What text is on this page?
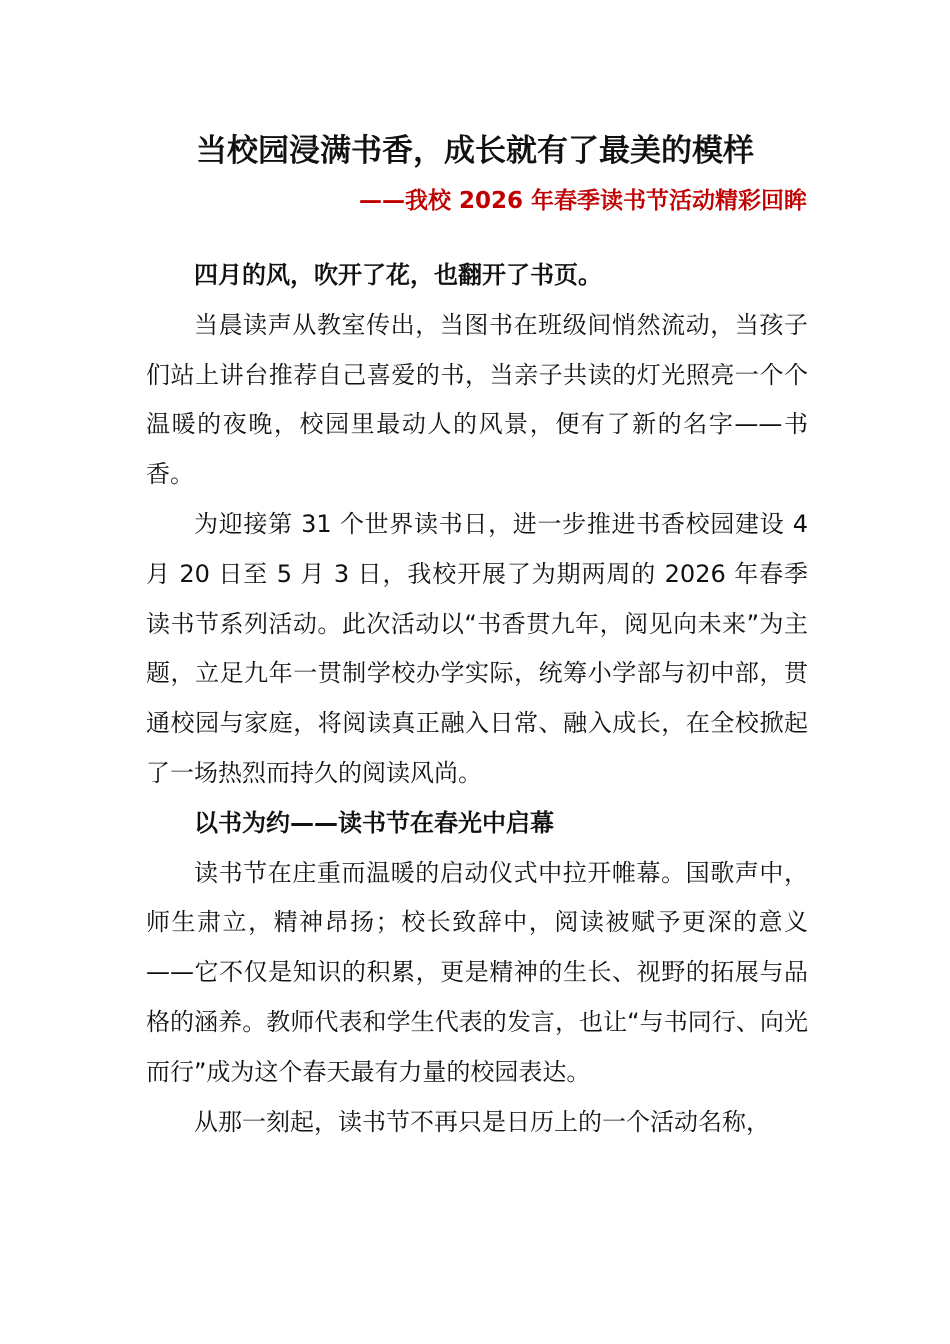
当校园浸满书香，成长就有了最美的模样
——我校 2026 年春季读书节活动精彩回眸

四月的风，吹开了花，也翻开了书页。

当晨读声从教室传出，当图书在班级间悄然流动，当孩子们站上讲台推荐自己喜爱的书，当亲子共读的灯光照亮一个个温暖的夜晚，校园里最动人的风景，便有了新的名字——书香。

为迎接第 31 个世界读书日，进一步推进书香校园建设 4 月 20 日至 5 月 3 日，我校开展了为期两周的 2026 年春季读书节系列活动。此次活动以“书香贯九年，阅见向未来”为主题，立足九年一贯制学校办学实际，统筹小学部与初中部，贯通校园与家庭，将阅读真正融入日常、融入成长，在全校掀起了一场热烈而持久的阅读风尚。

以书为约——读书节在春光中启幕

读书节在庄重而温暖的启动仪式中拉开帷幕。国歌声中，师生肃立，精神昂扬；校长致辞中，阅读被赋予更深的意义——它不仅是知识的积累，更是精神的生长、视野的拓展与品格的涵养。教师代表和学生代表的发言，也让“与书同行、向光而行”成为这个春天最有力量的校园表达。

从那一刻起，读书节不再只是日历上的一个活动名称，
